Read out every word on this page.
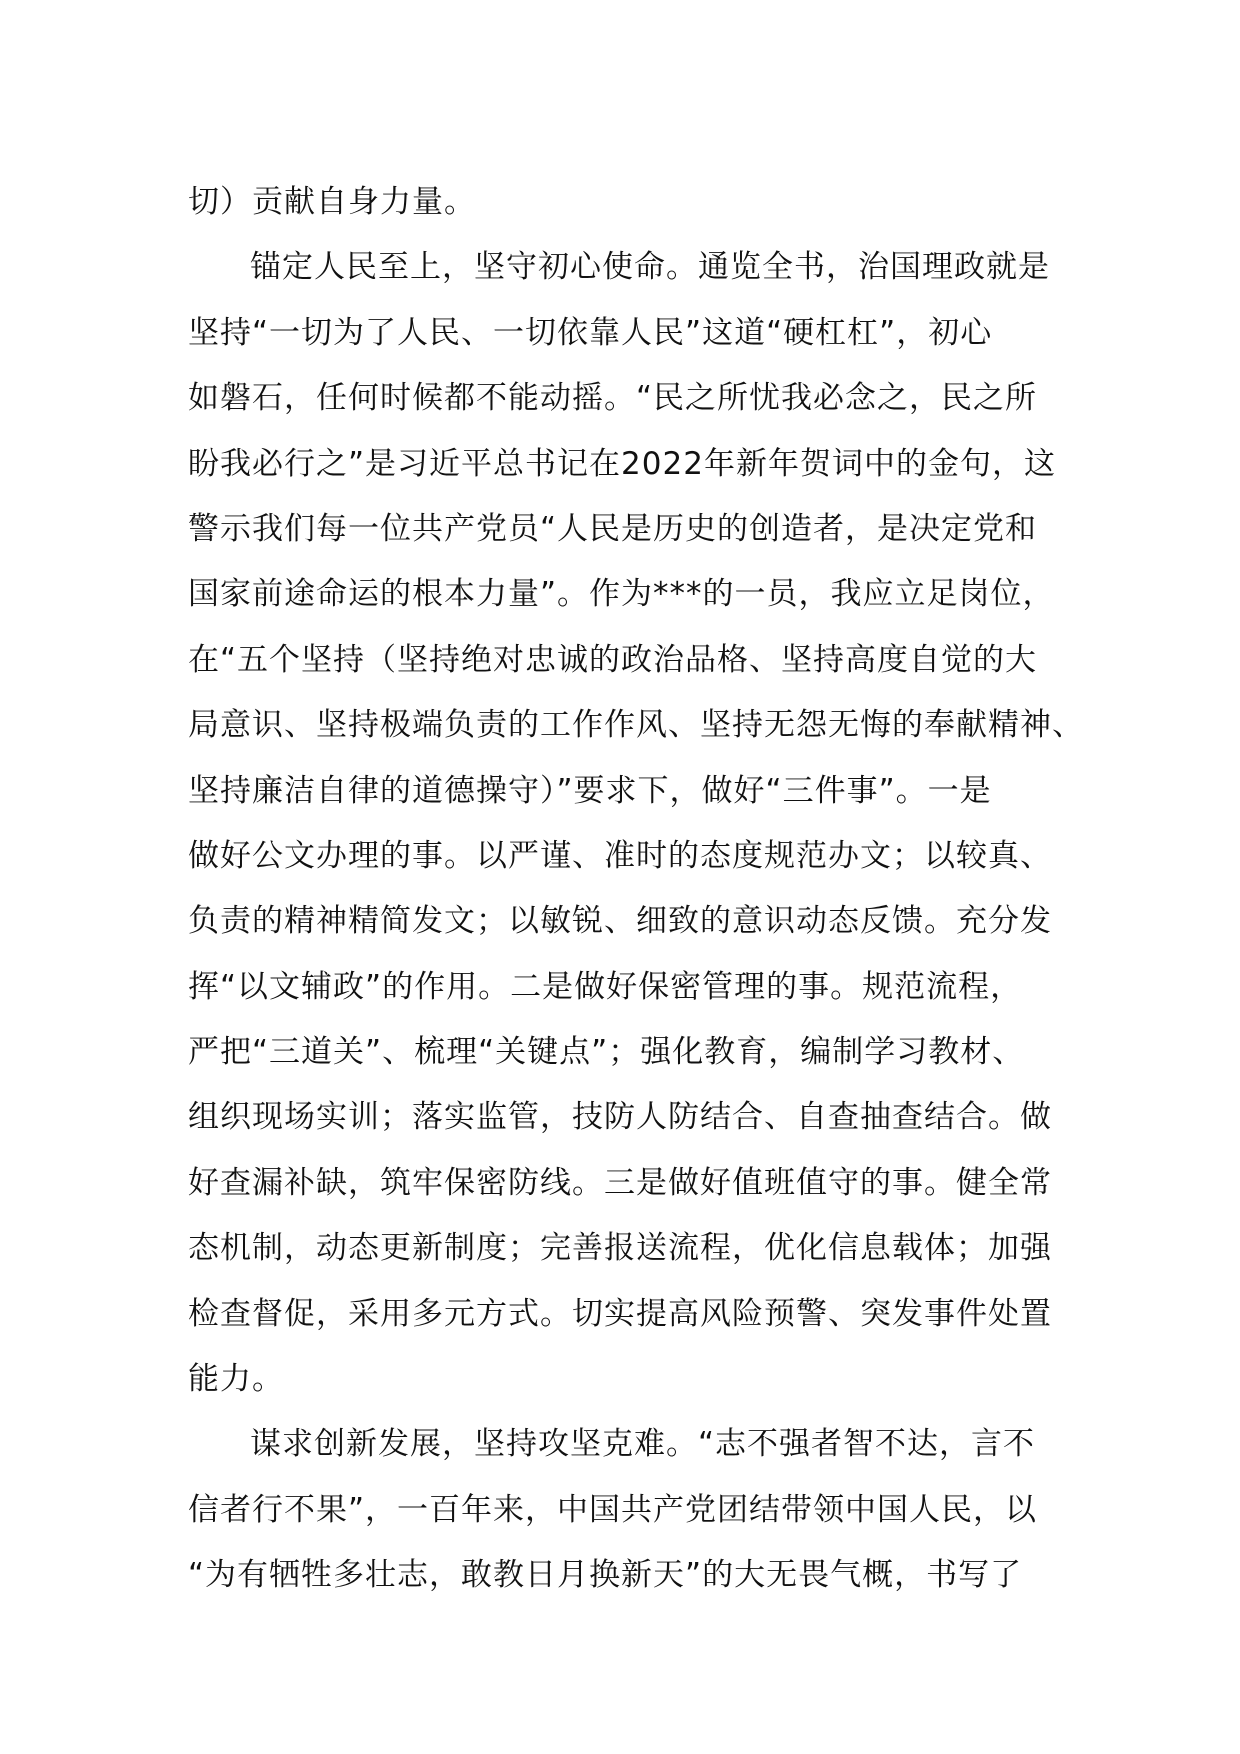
切）贡献自身力量。
锚定人民至上，坚守初心使命。通览全书，治国理政就是
坚持“一切为了人民、一切依靠人民”这道“硬杠杠”，初心
如磐石，任何时候都不能动摇。“民之所忧我必念之，民之所
盼我必行之”是习近平总书记在2022年新年贺词中的金句，这
警示我们每一位共产党员“人民是历史的创造者，是决定党和
国家前途命运的根本力量”。作为***的一员，我应立足岗位，
在“五个坚持（坚持绝对忠诚的政治品格、坚持高度自觉的大
局意识、坚持极端负责的工作作风、坚持无怨无悔的奉献精神、
坚持廉洁自律的道德操守）”要求下，做好“三件事”。一是
做好公文办理的事。以严谨、准时的态度规范办文；以较真、
负责的精神精简发文；以敏锐、细致的意识动态反馈。充分发
挥“以文辅政”的作用。二是做好保密管理的事。规范流程，
严把“三道关”、梳理“关键点”；强化教育，编制学习教材、
组织现场实训；落实监管，技防人防结合、自查抽查结合。做
好查漏补缺，筑牢保密防线。三是做好值班值守的事。健全常
态机制，动态更新制度；完善报送流程，优化信息载体；加强
检查督促，采用多元方式。切实提高风险预警、突发事件处置
能力。
谋求创新发展，坚持攻坚克难。“志不强者智不达，言不
信者行不果”，一百年来，中国共产党团结带领中国人民，以
“为有牺牲多壮志，敢教日月换新天”的大无畏气概，书写了
